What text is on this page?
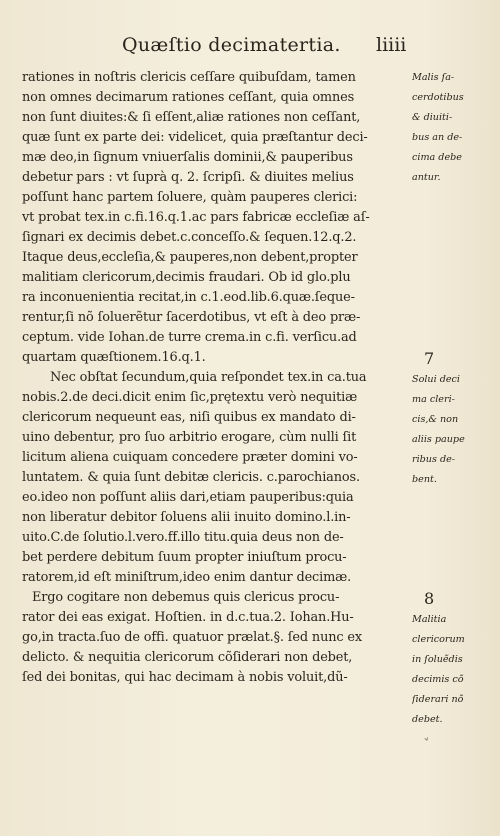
Quæſtio decimatertia. liiii
rationes in noſtris clericis ceſſare quibuſdam, tamen
non omnes decimarum rationes ceſſant, quia omnes
non ſunt diuites:& ſi eſſent,aliæ rationes non ceſſant,
quæ ſunt ex parte dei: videlicet, quia præſtantur deci-
mæ deo,in ſignum vniuerſalis dominii,& pauperibus
debetur pars : vt ſuprà q. 2. ſcripſi. & diuites melius
poſſunt hanc partem ſoluere, quàm pauperes clerici:
vt probat tex.in c.fi.16.q.1.ac pars fabricæ eccleſiæ aſ-
ſignari ex decimis debet.c.conceſſo.& ſequen.12.q.2.
Itaque deus,eccleſia,& pauperes,non debent,propter
malitiam clericorum,decimis fraudari. Ob id glo.plu
ra inconuenientia recitat,in c.1.eod.lib.6.quæ.ſeque-
rentur,ſi nõ ſoluerẽtur ſacerdotibus, vt eſt à deo præ-
ceptum. vide Iohan.de turre crema.in c.fi. verſicu.ad
quartam quæſtionem.16.q.1.
Nec obſtat ſecundum,quia reſpondet tex.in ca.tua
nobis.2.de deci.dicit enim ſic,prętextu verò nequitiæ
clericorum nequeunt eas, niſi quibus ex mandato di-
uino debentur, pro ſuo arbitrio erogare, cùm nulli ſit
licitum aliena cuiquam concedere præter domini vo-
luntatem. & quia ſunt debitæ clericis. c.parochianos.
eo.ideo non poſſunt aliis dari,etiam pauperibus:quia
non liberatur debitor ſoluens alii inuito domino.l.in-
uito.C.de ſolutio.l.vero.ff.illo titu.quia deus non de-
bet perdere debitum ſuum propter iniuſtum procu-
ratorem,id eſt miniſtrum,ideo enim dantur decimæ.
Ergo cogitare non debemus quis clericus procu-
rator dei eas exigat. Hoſtien. in d.c.tua.2. Iohan.Hu-
go,in tracta.ſuo de offi. quatuor prælat.§. ſed nunc ex
delicto. & nequitia clericorum cõſiderari non debet,
ſed dei bonitas, qui hac decimam à nobis voluit,dũ-
Malis ſa-
cerdotibus
& diuiti-
bus an de-
cima debe
antur.
7
Solui deci
ma cleri-
cis,& non
aliis paupe
ribus de-
bent.
8
Malitia
clericorum
in ſoluẽdis
decimis cõ
ſiderari nõ
debet.
˅
